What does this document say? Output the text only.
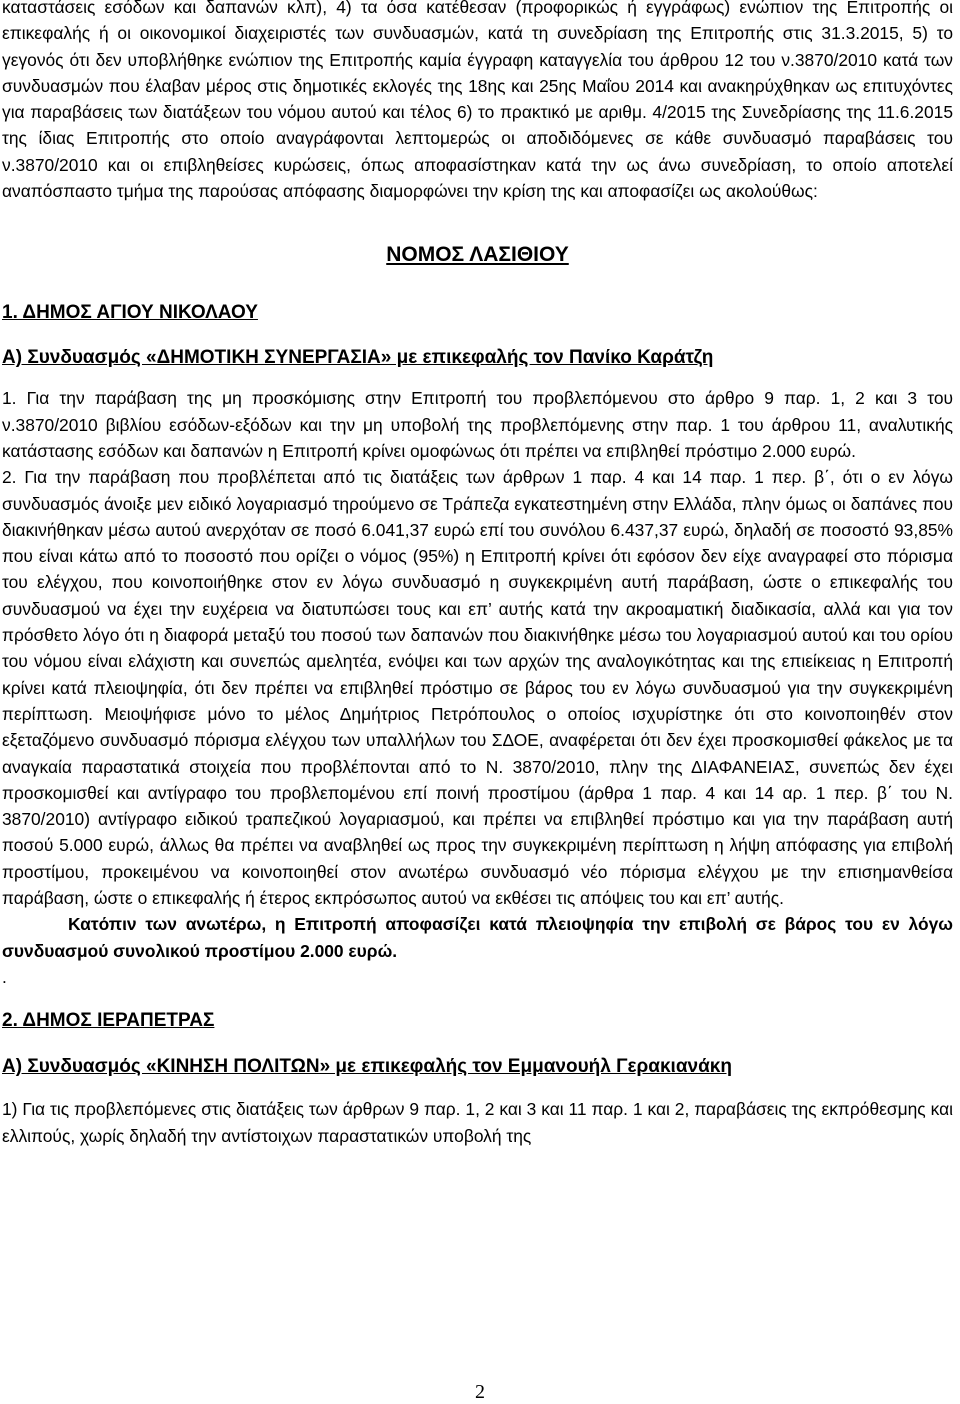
καταστάσεις εσόδων και δαπανών κλπ), 4) τα όσα κατέθεσαν (προφορικώς ή εγγράφως) ενώπιον της Επιτροπής οι επικεφαλής ή οι οικονομικοί διαχειριστές των συνδυασμών, κατά τη συνεδρίαση της Επιτροπής στις 31.3.2015, 5) το γεγονός ότι δεν υποβλήθηκε ενώπιον της Επιτροπής καμία έγγραφη καταγγελία του άρθρου 12 του ν.3870/2010 κατά των συνδυασμών που έλαβαν μέρος στις δημοτικές εκλογές της 18ης και 25ης Μαΐου 2014 και ανακηρύχθηκαν ως επιτυχόντες για παραβάσεις των διατάξεων του νόμου αυτού και τέλος 6) το πρακτικό με αριθμ. 4/2015 της Συνεδρίασης της 11.6.2015 της ίδιας Επιτροπής στο οποίο αναγράφονται λεπτομερώς οι αποδιδόμενες σε κάθε συνδυασμό παραβάσεις του ν.3870/2010 και οι επιβληθείσες κυρώσεις, όπως αποφασίστηκαν κατά την ως άνω συνεδρίαση, το οποίο αποτελεί αναπόσπαστο τμήμα της παρούσας απόφασης διαμορφώνει την κρίση της και αποφασίζει ως ακολούθως:

ΝΟΜΟΣ ΛΑΣΙΘΙΟΥ
1. ΔΗΜΟΣ ΑΓΙΟΥ ΝΙΚΟΛΑΟΥ
Α) Συνδυασμός «ΔΗΜΟΤΙΚΗ ΣΥΝΕΡΓΑΣΙΑ» με επικεφαλής τον Πανίκο Καράτζη

1. Για την παράβαση της μη προσκόμισης στην Επιτροπή του προβλεπόμενου στο άρθρο 9 παρ. 1, 2 και 3 του ν.3870/2010 βιβλίου εσόδων-εξόδων και την μη υποβολή της προβλεπόμενης στην παρ. 1 του άρθρου 11, αναλυτικής κατάστασης εσόδων και δαπανών η Επιτροπή κρίνει ομοφώνως ότι πρέπει να επιβληθεί πρόστιμο 2.000 ευρώ.

2. Για την παράβαση που προβλέπεται από τις διατάξεις των άρθρων 1 παρ. 4 και 14 παρ. 1 περ. β΄, ότι ο εν λόγω συνδυασμός άνοιξε μεν ειδικό λογαριασμό τηρούμενο σε Τράπεζα εγκατεστημένη στην Ελλάδα, πλην όμως οι δαπάνες που διακινήθηκαν μέσω αυτού ανερχόταν σε ποσό 6.041,37 ευρώ επί του συνόλου 6.437,37 ευρώ, δηλαδή σε ποσοστό 93,85% που είναι κάτω από το ποσοστό που ορίζει ο νόμος (95%) η Επιτροπή κρίνει ότι εφόσον δεν είχε αναγραφεί στο πόρισμα του ελέγχου, που κοινοποιήθηκε στον εν λόγω συνδυασμό η συγκεκριμένη αυτή παράβαση, ώστε ο επικεφαλής του συνδυασμού να έχει την ευχέρεια να διατυπώσει τους και επ’ αυτής κατά την ακροαματική διαδικασία, αλλά και για τον πρόσθετο λόγο ότι η διαφορά μεταξύ του ποσού των δαπανών που διακινήθηκε μέσω του λογαριασμού αυτού και του ορίου του νόμου είναι ελάχιστη και συνεπώς αμελητέα, ενόψει και των αρχών της αναλογικότητας και της επιείκειας η Επιτροπή κρίνει κατά πλειοψηφία, ότι δεν πρέπει να επιβληθεί πρόστιμο σε βάρος του εν λόγω συνδυασμού για την συγκεκριμένη περίπτωση. Μειοψήφισε μόνο το μέλος Δημήτριος Πετρόπουλος ο οποίος ισχυρίστηκε ότι στο κοινοποιηθέν στον εξεταζόμενο συνδυασμό πόρισμα ελέγχου των υπαλλήλων του ΣΔΟΕ, αναφέρεται ότι δεν έχει προσκομισθεί φάκελος με τα αναγκαία παραστατικά στοιχεία που προβλέπονται από το Ν. 3870/2010, πλην της ΔΙΑΦΑΝΕΙΑΣ, συνεπώς δεν έχει προσκομισθεί και αντίγραφο του προβλεπομένου επί ποινή προστίμου (άρθρα 1 παρ. 4 και 14 αρ. 1 περ. β΄ του Ν. 3870/2010) αντίγραφο ειδικού τραπεζικού λογαριασμού, και πρέπει να επιβληθεί πρόστιμο και για την παράβαση αυτή ποσού 5.000 ευρώ, άλλως θα πρέπει να αναβληθεί ως προς την συγκεκριμένη περίπτωση η λήψη απόφασης για επιβολή προστίμου, προκειμένου να κοινοποιηθεί στον ανωτέρω συνδυασμό νέο πόρισμα ελέγχου με την επισημανθείσα παράβαση, ώστε ο επικεφαλής ή έτερος εκπρόσωπος αυτού να εκθέσει τις απόψεις του και επ’ αυτής.

Κατόπιν των ανωτέρω, η Επιτροπή αποφασίζει κατά πλειοψηφία την επιβολή σε βάρος του εν λόγω συνδυασμού συνολικού προστίμου 2.000 ευρώ.

.

2. ΔΗΜΟΣ ΙΕΡΑΠΕΤΡΑΣ
Α) Συνδυασμός «ΚΙΝΗΣΗ ΠΟΛΙΤΩΝ» με επικεφαλής τον Εμμανουήλ Γερακιανάκη

1) Για τις προβλεπόμενες στις διατάξεις των άρθρων 9 παρ. 1, 2 και 3 και 11 παρ. 1 και 2, παραβάσεις της εκπρόθεσμης και ελλιπούς, χωρίς δηλαδή την αντίστοιχων παραστατικών υποβολή της

2
